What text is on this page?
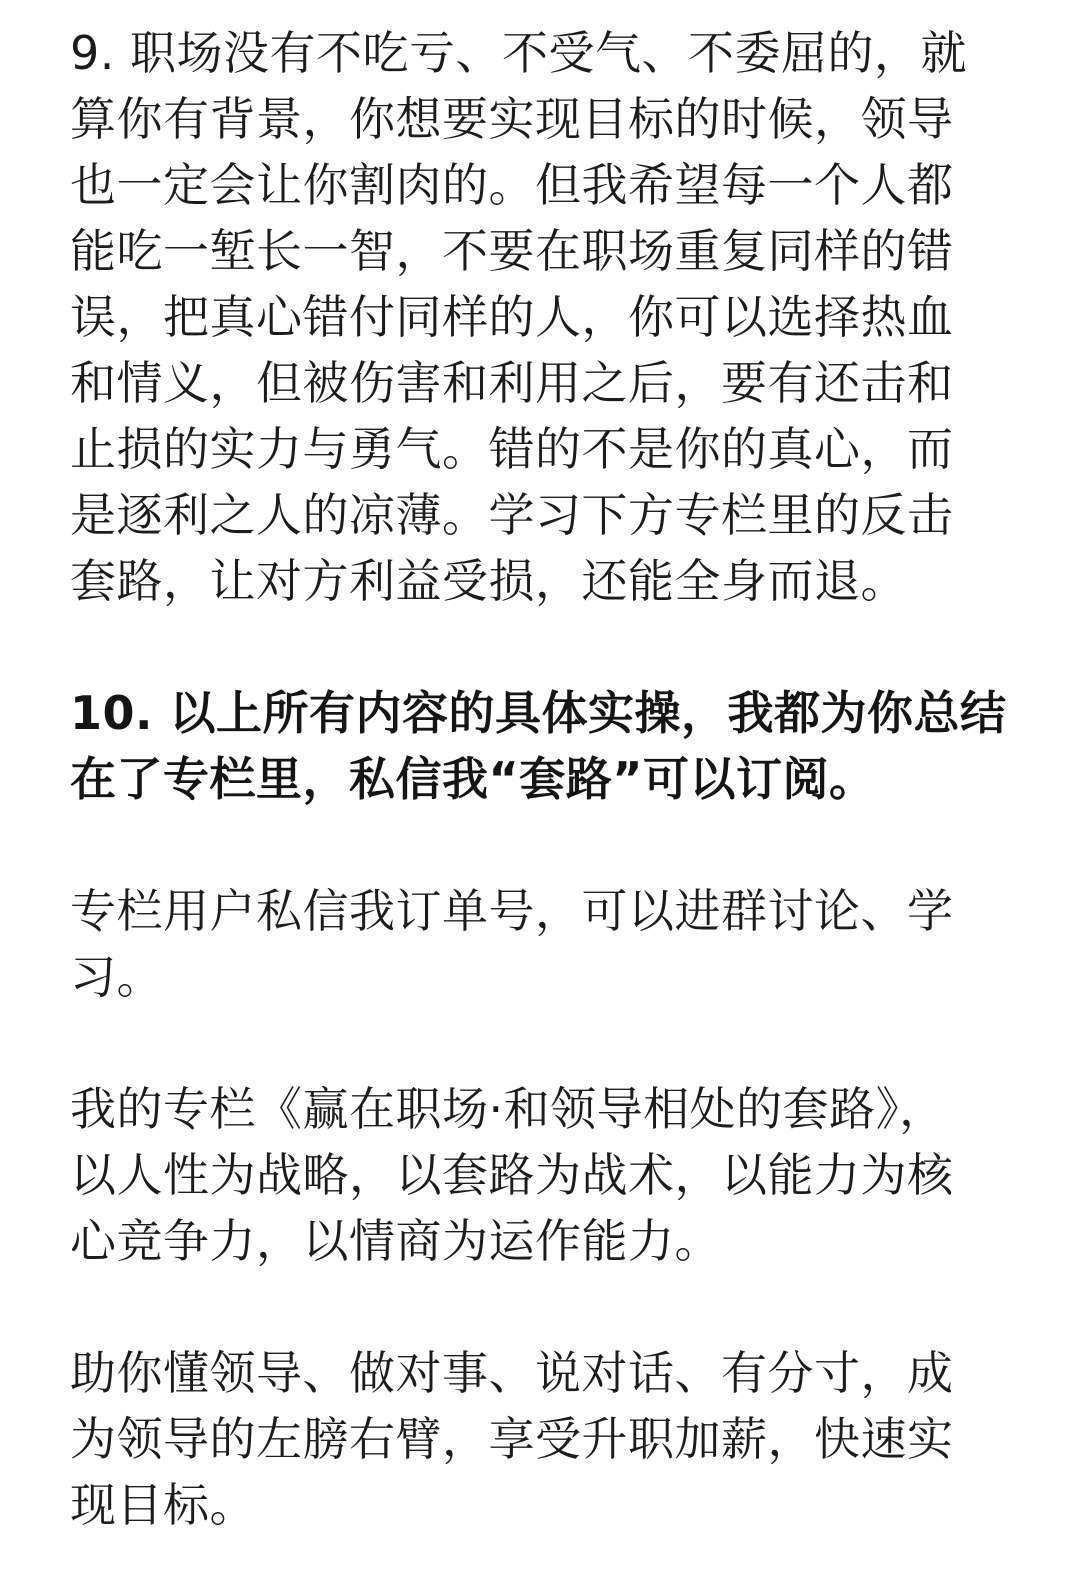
9. 职场没有不吃亏、不受气、不委屈的，就
算你有背景，你想要实现目标的时候，领导
也一定会让你割肉的。但我希望每一个人都
能吃一堑长一智，不要在职场重复同样的错
误，把真心错付同样的人，你可以选择热血
和情义，但被伤害和利用之后，要有还击和
止损的实力与勇气。错的不是你的真心，而
是逐利之人的凉薄。学习下方专栏里的反击
套路，让对方利益受损，还能全身而退。

10. 以上所有内容的具体实操，我都为你总结
在了专栏里，私信我“套路”可以订阅。

专栏用户私信我订单号，可以进群讨论、学
习。

我的专栏《赢在职场·和领导相处的套路》，
以人性为战略，以套路为战术，以能力为核
心竞争力，以情商为运作能力。

助你懂领导、做对事、说对话、有分寸，成
为领导的左膀右臂，享受升职加薪，快速实
现目标。
